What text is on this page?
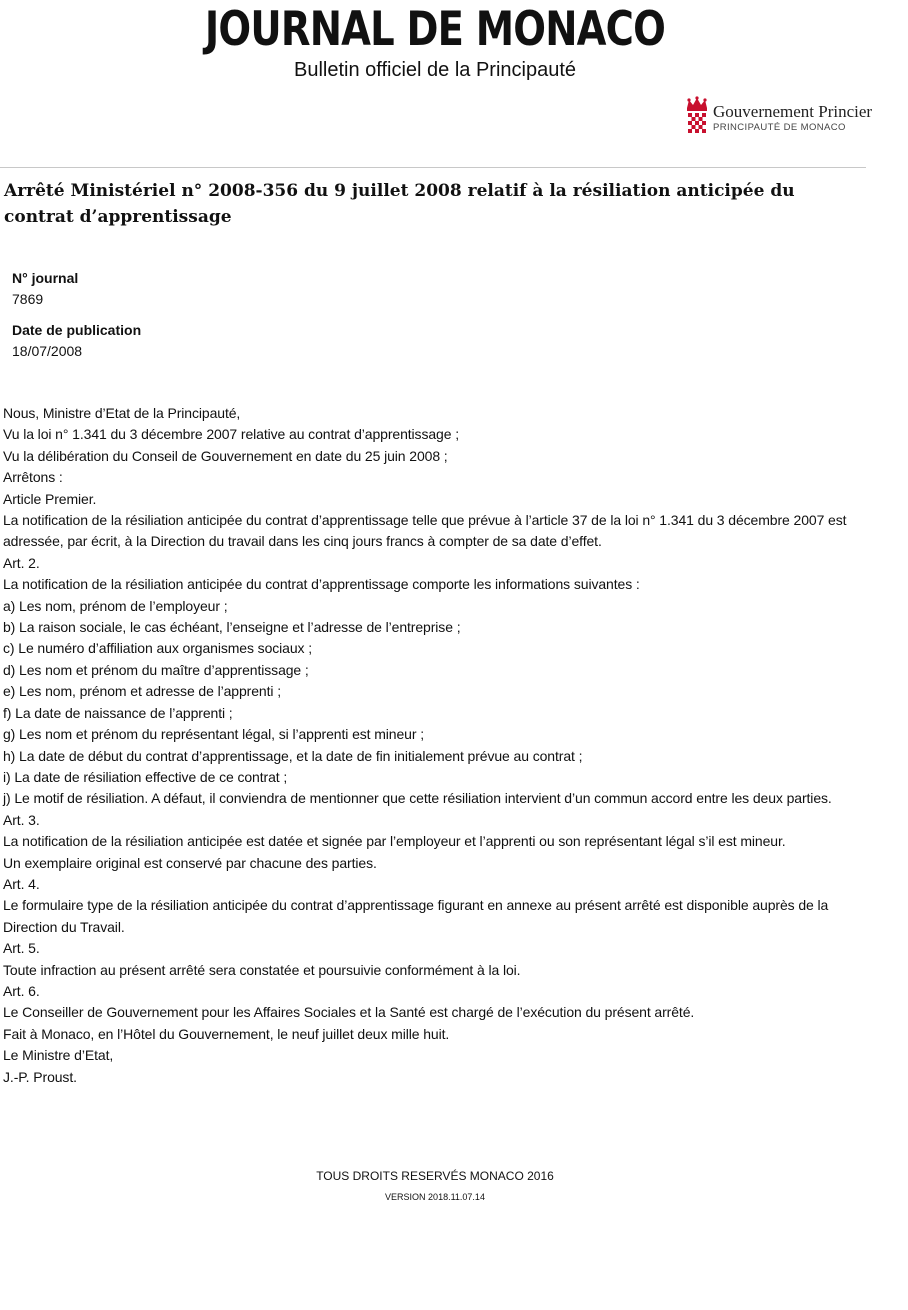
JOURNAL DE MONACO
Bulletin officiel de la Principauté
Gouvernement Princier
PRINCIPAUTÉ DE MONACO
Arrêté Ministériel n° 2008-356 du 9 juillet 2008 relatif à la résiliation anticipée du contrat d’apprentissage
N° journal
7869
Date de publication
18/07/2008
Nous, Ministre d’Etat de la Principauté,
Vu la loi n° 1.341 du 3 décembre 2007 relative au contrat d’apprentissage ;
Vu la délibération du Conseil de Gouvernement en date du 25 juin 2008 ;
Arrêtons :
Article Premier.
La notification de la résiliation anticipée du contrat d’apprentissage telle que prévue à l’article 37 de la loi n° 1.341 du 3 décembre 2007 est adressée, par écrit, à la Direction du travail dans les cinq jours francs à compter de sa date d’effet.
Art. 2.
La notification de la résiliation anticipée du contrat d’apprentissage comporte les informations suivantes :
a) Les nom, prénom de l’employeur ;
b) La raison sociale, le cas échéant, l’enseigne et l’adresse de l’entreprise ;
c) Le numéro d’affiliation aux organismes sociaux ;
d) Les nom et prénom du maître d’apprentissage ;
e) Les nom, prénom et adresse de l’apprenti ;
f) La date de naissance de l’apprenti ;
g) Les nom et prénom du représentant légal, si l’apprenti est mineur ;
h) La date de début du contrat d’apprentissage, et la date de fin initialement prévue au contrat ;
i) La date de résiliation effective de ce contrat ;
j) Le motif de résiliation. A défaut, il conviendra de mentionner que cette résiliation intervient d’un commun accord entre les deux parties.
Art. 3.
La notification de la résiliation anticipée est datée et signée par l’employeur et l’apprenti ou son représentant légal s’il est mineur.
Un exemplaire original est conservé par chacune des parties.
Art. 4.
Le formulaire type de la résiliation anticipée du contrat d’apprentissage figurant en annexe au présent arrêté est disponible auprès de la Direction du Travail.
Art. 5.
Toute infraction au présent arrêté sera constatée et poursuivie conformément à la loi.
Art. 6.
Le Conseiller de Gouvernement pour les Affaires Sociales et la Santé est chargé de l’exécution du présent arrêté.
Fait à Monaco, en l’Hôtel du Gouvernement, le neuf juillet deux mille huit.
Le Ministre d’Etat,
J.-P. Proust.
TOUS DROITS RESERVÉS MONACO 2016
VERSION 2018.11.07.14
